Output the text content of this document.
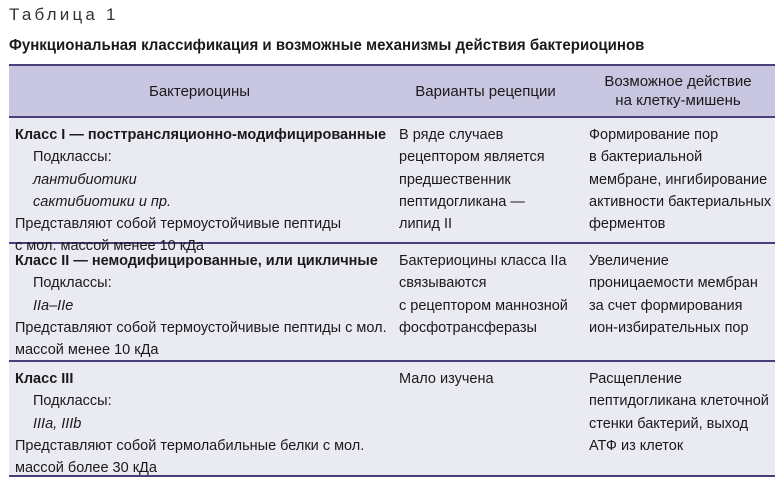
Таблица 1
Функциональная классификация и возможные механизмы действия бактериоцинов
Бактериоцины	Варианты рецепции
Возможное действие
на клетку-мишень
Класс I — посттрансляционно-модифицированные
Подклассы:
лантибиотики
сактибиотики и пр.
Представляют собой термоустойчивые пептиды
с мол. массой менее 10 кДа
В ряде случаев
рецептором является
предшественник
пептидогликана —
липид II
Формирование пор
в бактериальной
мембране, ингибирование
активности бактериальных
ферментов
Класс II — немодифицированные, или цикличные
Подклассы:
IIa–IIe
Представляют собой термоустойчивые пептиды с мол.
массой менее 10 кДа
Бактериоцины класса IIa
связываются
с рецептором маннозной
фосфотрансферазы
Увеличение
проницаемости мембран
за счет формирования
ион-избирательных пор
Класс III
Подклассы:
IIIa, IIIb
Представляют собой термолабильные белки с мол.
массой более 30 кДа
Мало изучена	Расщепление
пептидогликана клеточной
стенки бактерий, выход
АТФ из клеток
